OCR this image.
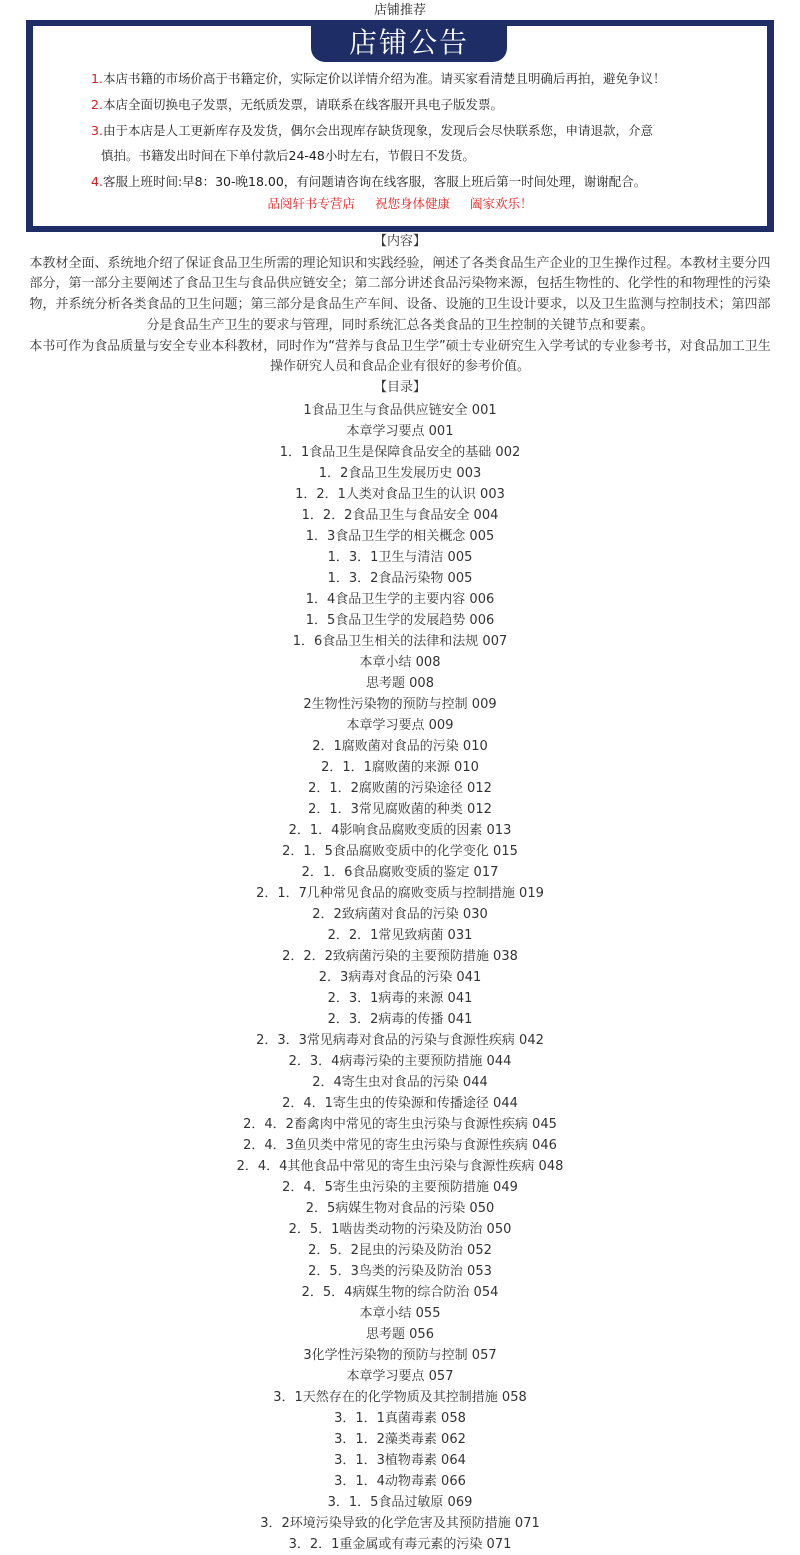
店铺推荐
店铺公告
1.本店书籍的市场价高于书籍定价，实际定价以详情介绍为准。请买家看清楚且明确后再拍，避免争议！
2.本店全面切换电子发票，无纸质发票，请联系在线客服开具电子版发票。
3.由于本店是人工更新库存及发货，偶尔会出现库存缺货现象，发现后会尽快联系您，申请退款，介意
慎拍。书籍发出时间在下单付款后24-48小时左右，节假日不发货。
4.客服上班时间:早8：30-晚18.00，有问题请咨询在线客服，客服上班后第一时间处理，谢谢配合。
品阅轩书专营店 祝您身体健康 阖家欢乐！
【内容】
本教材全面、系统地介绍了保证食品卫生所需的理论知识和实践经验，阐述了各类食品生产企业的卫生操作过程。本教材主要分四
部分，第一部分主要阐述了食品卫生与食品供应链安全；第二部分讲述食品污染物来源，包括生物性的、化学性的和物理性的污染
物，并系统分析各类食品的卫生问题；第三部分是食品生产车间、设备、设施的卫生设计要求，以及卫生监测与控制技术；第四部
分是食品生产卫生的要求与管理，同时系统汇总各类食品的卫生控制的关键节点和要素。
本书可作为食品质量与安全专业本科教材，同时作为“营养与食品卫生学”硕士专业研究生入学考试的专业参考书，对食品加工卫生
操作研究人员和食品企业有很好的参考价值。
【目录】
1食品卫生与食品供应链安全 001
本章学习要点 001
1．1食品卫生是保障食品安全的基础 002
1．2食品卫生发展历史 003
1．2．1人类对食品卫生的认识 003
1．2．2食品卫生与食品安全 004
1．3食品卫生学的相关概念 005
1．3．1卫生与清洁 005
1．3．2食品污染物 005
1．4食品卫生学的主要内容 006
1．5食品卫生学的发展趋势 006
1．6食品卫生相关的法律和法规 007
本章小结 008
思考题 008
2生物性污染物的预防与控制 009
本章学习要点 009
2．1腐败菌对食品的污染 010
2．1．1腐败菌的来源 010
2．1．2腐败菌的污染途径 012
2．1．3常见腐败菌的种类 012
2．1．4影响食品腐败变质的因素 013
2．1．5食品腐败变质中的化学变化 015
2．1．6食品腐败变质的鉴定 017
2．1．7几种常见食品的腐败变质与控制措施 019
2．2致病菌对食品的污染 030
2．2．1常见致病菌 031
2．2．2致病菌污染的主要预防措施 038
2．3病毒对食品的污染 041
2．3．1病毒的来源 041
2．3．2病毒的传播 041
2．3．3常见病毒对食品的污染与食源性疾病 042
2．3．4病毒污染的主要预防措施 044
2．4寄生虫对食品的污染 044
2．4．1寄生虫的传染源和传播途径 044
2．4．2畜禽肉中常见的寄生虫污染与食源性疾病 045
2．4．3鱼贝类中常见的寄生虫污染与食源性疾病 046
2．4．4其他食品中常见的寄生虫污染与食源性疾病 048
2．4．5寄生虫污染的主要预防措施 049
2．5病媒生物对食品的污染 050
2．5．1啮齿类动物的污染及防治 050
2．5．2昆虫的污染及防治 052
2．5．3鸟类的污染及防治 053
2．5．4病媒生物的综合防治 054
本章小结 055
思考题 056
3化学性污染物的预防与控制 057
本章学习要点 057
3．1天然存在的化学物质及其控制措施 058
3．1．1真菌毒素 058
3．1．2藻类毒素 062
3．1．3植物毒素 064
3．1．4动物毒素 066
3．1．5食品过敏原 069
3．2环境污染导致的化学危害及其预防措施 071
3．2．1重金属或有毒元素的污染 071
